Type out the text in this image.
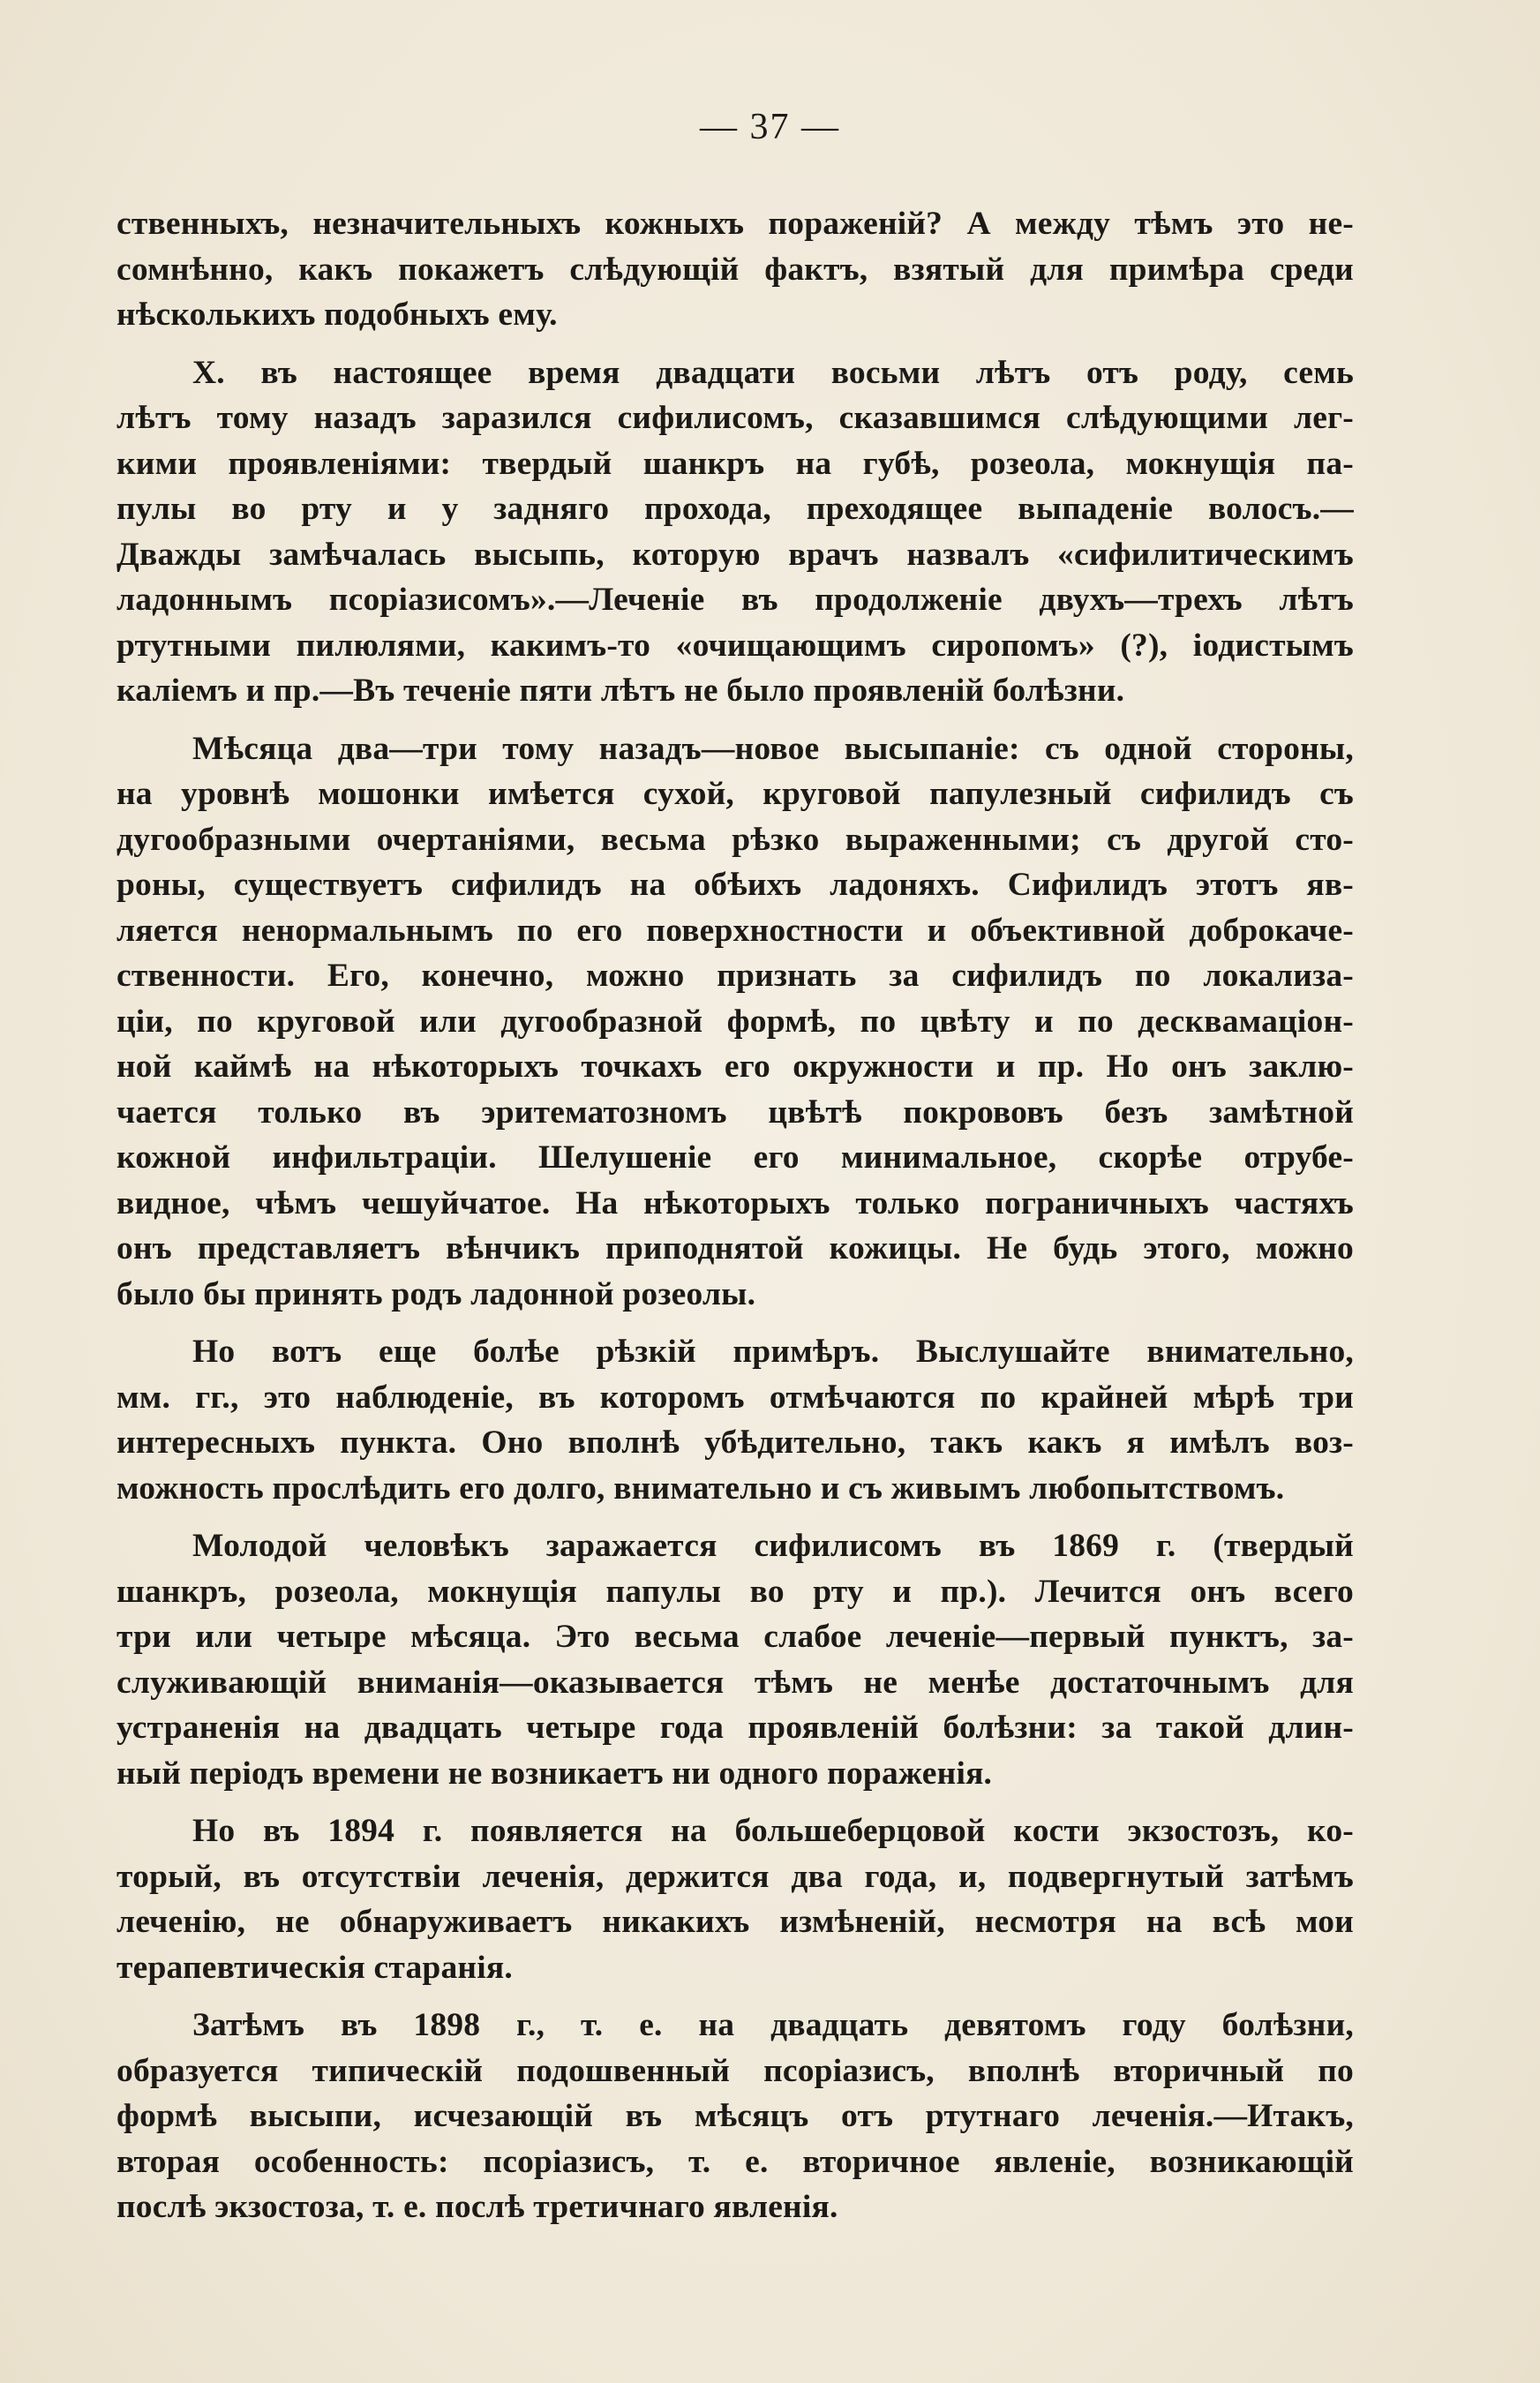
— 37 —
ственныхъ, незначительныхъ кожныхъ пораженій? А между тѣмъ это не-
сомнѣнно, какъ покажетъ слѣдующій фактъ, взятый для примѣра среди
нѣсколькихъ подобныхъ ему.
X. въ настоящее время двадцати восьми лѣтъ отъ роду, семь
лѣтъ тому назадъ заразился сифилисомъ, сказавшимся слѣдующими лег-
кими проявленіями: твердый шанкръ на губѣ, розеола, мокнущія па-
пулы во рту и у задняго прохода, преходящее выпаденіе волосъ.—
Дважды замѣчалась высыпь, которую врачъ назвалъ «сифилитическимъ
ладоннымъ псоріазисомъ».—Леченіе въ продолженіе двухъ—трехъ лѣтъ
ртутными пилюлями, какимъ-то «очищающимъ сиропомъ» (?), іодистымъ
каліемъ и пр.—Въ теченіе пяти лѣтъ не было проявленій болѣзни.
Мѣсяца два—три тому назадъ—новое высыпаніе: съ одной стороны,
на уровнѣ мошонки имѣется сухой, круговой папулезный сифилидъ съ
дугообразными очертаніями, весьма рѣзко выраженными; съ другой сто-
роны, существуетъ сифилидъ на обѣихъ ладоняхъ. Сифилидъ этотъ яв-
ляется ненормальнымъ по его поверхностности и объективной доброкаче-
ственности. Его, конечно, можно признать за сифилидъ по локализа-
ціи, по круговой или дугообразной формѣ, по цвѣту и по десквамаціон-
ной каймѣ на нѣкоторыхъ точкахъ его окружности и пр. Но онъ заклю-
чается только въ эритематозномъ цвѣтѣ покрововъ безъ замѣтной
кожной инфильтраціи. Шелушеніе его минимальное, скорѣе отрубе-
видное, чѣмъ чешуйчатое. На нѣкоторыхъ только пограничныхъ частяхъ
онъ представляетъ вѣнчикъ приподнятой кожицы. Не будь этого, можно
было бы принять родъ ладонной розеолы.
Но вотъ еще болѣе рѣзкій примѣръ. Выслушайте внимательно,
мм. гг., это наблюденіе, въ которомъ отмѣчаются по крайней мѣрѣ три
интересныхъ пункта. Оно вполнѣ убѣдительно, такъ какъ я имѣлъ воз-
можность прослѣдить его долго, внимательно и съ живымъ любопытствомъ.
Молодой человѣкъ заражается сифилисомъ въ 1869 г. (твердый
шанкръ, розеола, мокнущія папулы во рту и пр.). Лечится онъ всего
три или четыре мѣсяца. Это весьма слабое леченіе—первый пунктъ, за-
служивающій вниманія—оказывается тѣмъ не менѣе достаточнымъ для
устраненія на двадцать четыре года проявленій болѣзни: за такой длин-
ный періодъ времени не возникаетъ ни одного пораженія.
Но въ 1894 г. появляется на большеберцовой кости экзостозъ, ко-
торый, въ отсутствіи леченія, держится два года, и, подвергнутый затѣмъ
леченію, не обнаруживаетъ никакихъ измѣненій, несмотря на всѣ мои
терапевтическія старанія.
Затѣмъ въ 1898 г., т. е. на двадцать девятомъ году болѣзни,
образуется типическій подошвенный псоріазисъ, вполнѣ вторичный по
формѣ высыпи, исчезающій въ мѣсяцъ отъ ртутнаго леченія.—Итакъ,
вторая особенность: псоріазисъ, т. е. вторичное явленіе, возникающій
послѣ экзостоза, т. е. послѣ третичнаго явленія.
